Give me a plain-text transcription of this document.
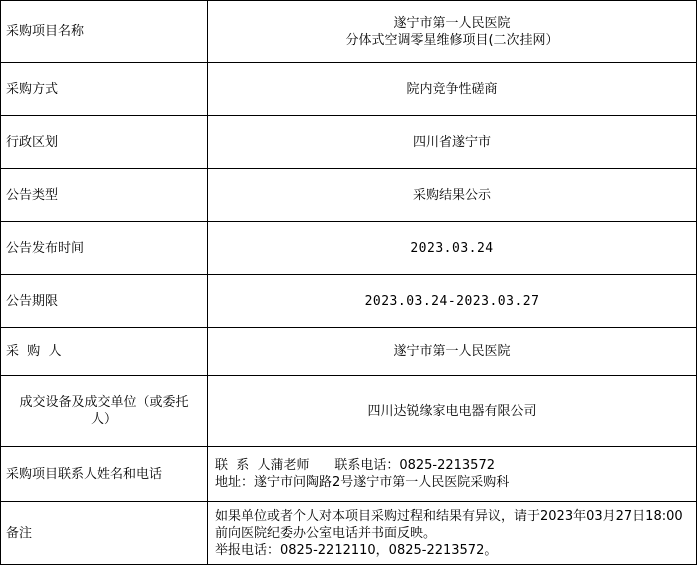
采购项目名称	遂宁市第一人民医院
分体式空调零星维修项目(二次挂网）

采购方式	院内竞争性磋商
行政区划	四川省遂宁市
公告类型	采购结果公示
公告发布时间	2023.03.24
公告期限	2023.03.24-2023.03.27
采  购  人	遂宁市第一人民医院
成交设备及成交单位（或委托人）	四川达锐缘家电电器有限公司
采购项目联系人姓名和电话	联  系  人蒲老师 联系电话：0825-2213572
地址：遂宁市问陶路2号遂宁市第一人民医院采购科

备注	如果单位或者个人对本项目采购过程和结果有异议，请于2023年03月27日18:00前向医院纪委办公室电话并书面反映。
举报电话：0825-2212110，0825-2213572。
